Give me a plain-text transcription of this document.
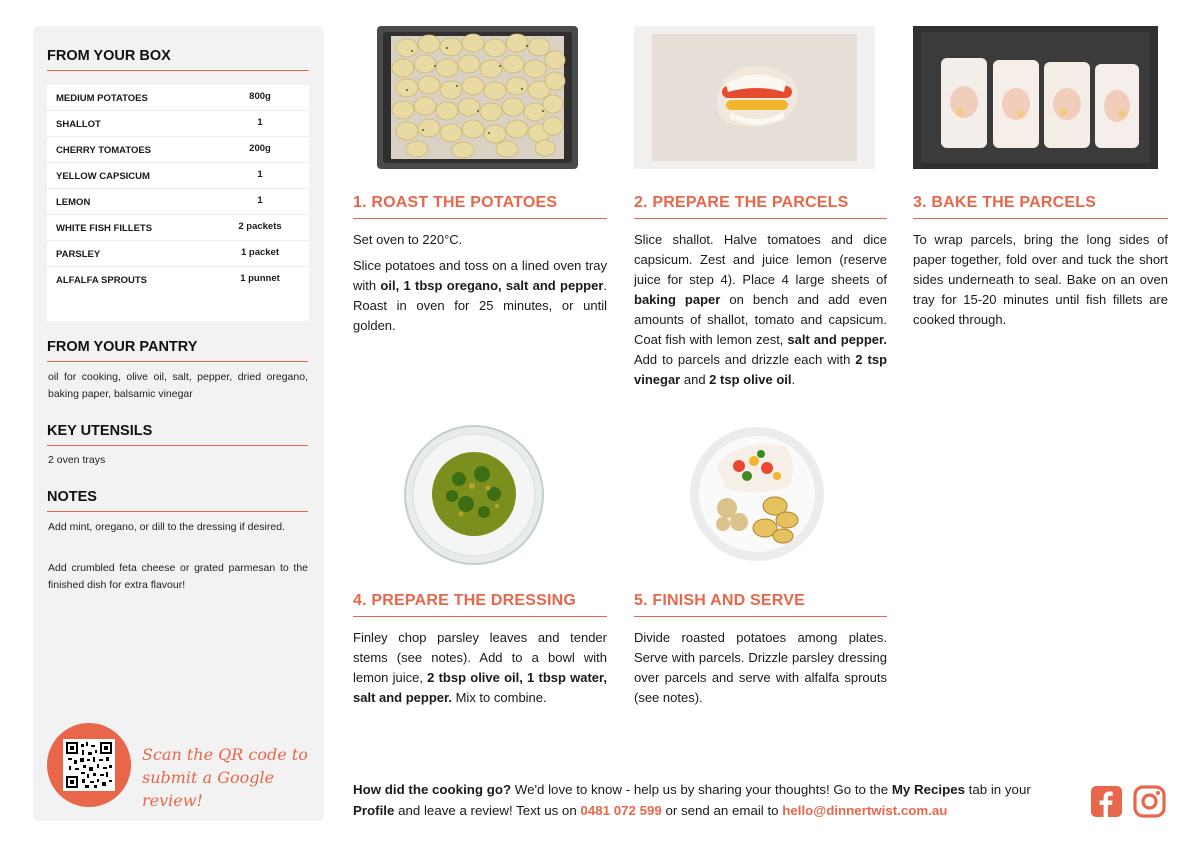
FROM YOUR BOX
MEDIUM POTATOES	800g
SHALLOT	1
CHERRY TOMATOES	200g
YELLOW CAPSICUM	1
LEMON	1
WHITE FISH FILLETS	2 packets
PARSLEY	1 packet
ALFALFA SPROUTS	1 punnet
FROM YOUR PANTRY
oil for cooking, olive oil, salt, pepper, dried oregano, baking paper, balsamic vinegar
KEY UTENSILS
2 oven trays
NOTES
Add mint, oregano, or dill to the dressing if desired.
Add crumbled feta cheese or grated parmesan to the finished dish for extra flavour!
Scan the QR code to submit a Google review!
1. ROAST THE POTATOES

Set oven to 220°C.

Slice potatoes and toss on a lined oven tray with oil, 1 tbsp oregano, salt and pepper. Roast in oven for 25 minutes, or until golden.

2. PREPARE THE PARCELS

Slice shallot. Halve tomatoes and dice capsicum. Zest and juice lemon (reserve juice for step 4). Place 4 large sheets of baking paper on bench and add even amounts of shallot, tomato and capsicum. Coat fish with lemon zest, salt and pepper. Add to parcels and drizzle each with 2 tsp vinegar and 2 tsp olive oil.

3. BAKE THE PARCELS

To wrap parcels, bring the long sides of paper together, fold over and tuck the short sides underneath to seal. Bake on an oven tray for 15-20 minutes until fish fillets are cooked through.

4. PREPARE THE DRESSING

Finley chop parsley leaves and tender stems (see notes). Add to a bowl with lemon juice, 2 tbsp olive oil, 1 tbsp water, salt and pepper. Mix to combine.

5. FINISH AND SERVE

Divide roasted potatoes among plates. Serve with parcels. Drizzle parsley dressing over parcels and serve with alfalfa sprouts (see notes).

How did the cooking go? We'd love to know - help us by sharing your thoughts! Go to the My Recipes tab in your Profile and leave a review! Text us on 0481 072 599 or send an email to hello@dinnertwist.com.au
